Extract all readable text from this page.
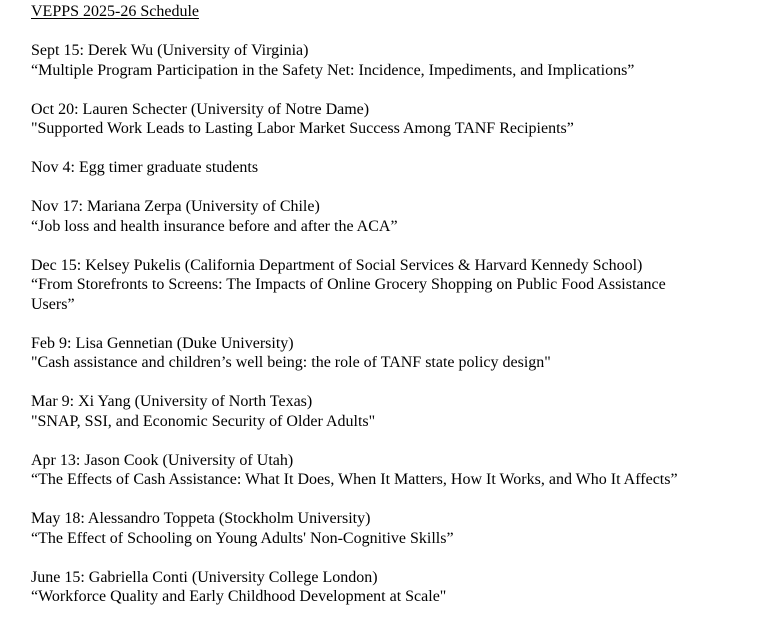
VEPPS 2025-26 Schedule

Sept 15: Derek Wu (University of Virginia)
“Multiple Program Participation in the Safety Net: Incidence, Impediments, and Implications”
Oct 20: Lauren Schecter (University of Notre Dame)
"Supported Work Leads to Lasting Labor Market Success Among TANF Recipients”
Nov 4: Egg timer graduate students
Nov 17: Mariana Zerpa (University of Chile)
“Job loss and health insurance before and after the ACA”
Dec 15: Kelsey Pukelis (California Department of Social Services & Harvard Kennedy School)
“From Storefronts to Screens: The Impacts of Online Grocery Shopping on Public Food Assistance Users”
Feb 9: Lisa Gennetian (Duke University)
"Cash assistance and children’s well being: the role of TANF state policy design"
Mar 9: Xi Yang (University of North Texas)
"SNAP, SSI, and Economic Security of Older Adults"
Apr 13: Jason Cook (University of Utah)
“The Effects of Cash Assistance: What It Does, When It Matters, How It Works, and Who It Affects”
May 18: Alessandro Toppeta (Stockholm University)
“The Effect of Schooling on Young Adults' Non-Cognitive Skills”
June 15: Gabriella Conti (University College London)
“Workforce Quality and Early Childhood Development at Scale"
